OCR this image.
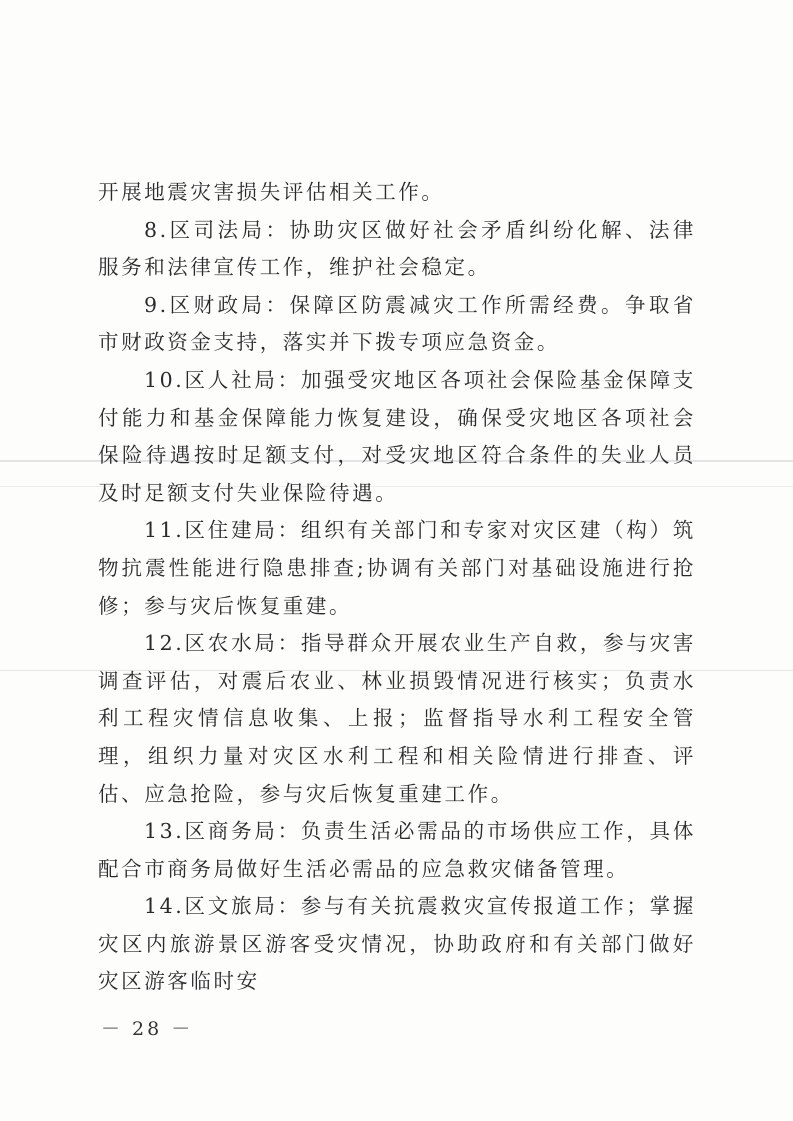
开展地震灾害损失评估相关工作。

8.区司法局：协助灾区做好社会矛盾纠纷化解、法律服务和法律宣传工作，维护社会稳定。

9.区财政局：保障区防震减灾工作所需经费。争取省市财政资金支持，落实并下拨专项应急资金。

10.区人社局：加强受灾地区各项社会保险基金保障支付能力和基金保障能力恢复建设，确保受灾地区各项社会保险待遇按时足额支付，对受灾地区符合条件的失业人员及时足额支付失业保险待遇。

11.区住建局：组织有关部门和专家对灾区建（构）筑物抗震性能进行隐患排查;协调有关部门对基础设施进行抢修；参与灾后恢复重建。

12.区农水局：指导群众开展农业生产自救，参与灾害调查评估，对震后农业、林业损毁情况进行核实；负责水利工程灾情信息收集、上报；监督指导水利工程安全管理，组织力量对灾区水利工程和相关险情进行排查、评估、应急抢险，参与灾后恢复重建工作。

13.区商务局：负责生活必需品的市场供应工作，具体配合市商务局做好生活必需品的应急救灾储备管理。

14.区文旅局：参与有关抗震救灾宣传报道工作；掌握灾区内旅游景区游客受灾情况，协助政府和有关部门做好灾区游客临时安

－ 28 －
